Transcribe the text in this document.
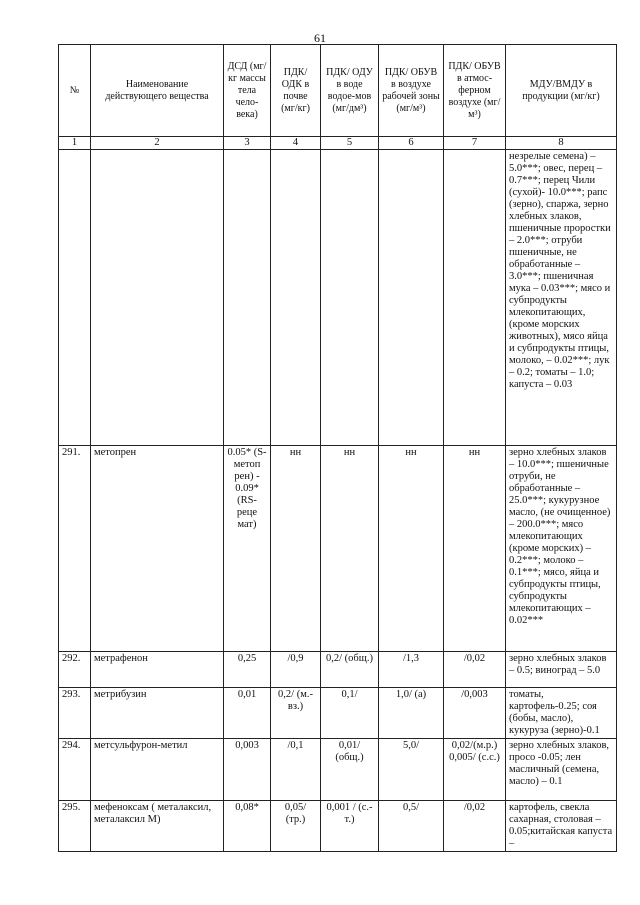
61
№	Наименование действующего вещества	ДСД (мг/кг массы тела чело-века)	ПДК/ ОДК в почве (мг/кг)	ПДК/ ОДУ в воде водое-мов (мг/дм³)	ПДК/ ОБУВ в воздухе рабочей зоны (мг/м³)	ПДК/ ОБУВ в атмос-ферном воздухе (мг/м³)	МДУ/ВМДУ в продукции (мг/кг)
1	2	3	4	5	6	7	8
							незрелые семена) – 5.0***; овес, перец – 0.7***; перец Чили (сухой)- 10.0***; рапс (зерно), спаржа, зерно хлебных злаков, пшеничные проростки – 2.0***; отруби пшеничные, не обработанные – 3.0***; пшеничная мука – 0.03***; мясо и субпродукты млекопитающих, (кроме морских животных), мясо яйца и субпродукты птицы, молоко, – 0.02***; лук – 0.2; томаты – 1.0; капуста – 0.03
291.	метопрен	0.05* (S-метоп рен) - 0.09* (RS-реце мат)	нн	нн	нн	нн	зерно хлебных злаков – 10.0***; пшеничные отруби, не обработанные – 25.0***; кукурузное масло, (не очищенное) – 200.0***; мясо млекопитающих (кроме морских) – 0.2***; молоко – 0.1***; мясо, яйца и субпродукты птицы, субпродукты млекопитающих – 0.02***
292.	метрафенон	0,25	/0,9	0,2/ (общ.)	/1,3	/0,02	зерно хлебных злаков – 0.5; виноград – 5.0
293.	метрибузин	0,01	0,2/ (м.-вз.)	0,1/	1,0/ (а)	/0,003	томаты, картофель-0.25; соя (бобы, масло), кукуруза (зерно)-0.1
294.	метсульфурон-метил	0,003	/0,1	0,01/ (общ.)	5,0/	0,02/(м.р.) 0,005/ (с.с.)	зерно хлебных злаков, просо -0.05; лен масличный (семена, масло) – 0.1
295.	мефеноксам ( металаксил, металаксил М)	0,08*	0,05/ (тр.)	0,001 / (с.-т.)	0,5/	/0,02	картофель, свекла сахарная, столовая – 0.05;китайская капуста –
